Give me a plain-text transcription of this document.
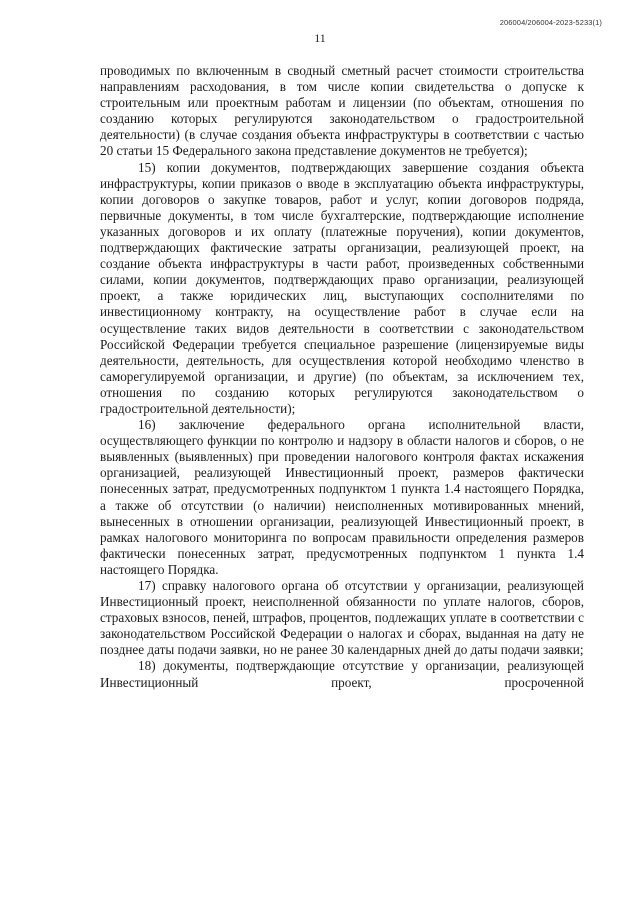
206004/206004-2023-5233(1)
11

проводимых по включенным в сводный сметный расчет стоимости строительства направлениям расходования, в том числе копии свидетельства о допуске к строительным или проектным работам и лицензии (по объектам, отношения по созданию которых регулируются законодательством о градостроительной деятельности) (в случае создания объекта инфраструктуры в соответствии с частью 20 статьи 15 Федерального закона представление документов не требуется);

15) копии документов, подтверждающих завершение создания объекта инфраструктуры, копии приказов о вводе в эксплуатацию объекта инфраструктуры, копии договоров о закупке товаров, работ и услуг, копии договоров подряда, первичные документы, в том числе бухгалтерские, подтверждающие исполнение указанных договоров и их оплату (платежные поручения), копии документов, подтверждающих фактические затраты организации, реализующей проект, на создание объекта инфраструктуры в части работ, произведенных собственными силами, копии документов, подтверждающих право организации, реализующей проект, а также юридических лиц, выступающих сосполнителями по инвестиционному контракту, на осуществление работ в случае если на осуществление таких видов деятельности в соответствии с законодательством Российской Федерации требуется специальное разрешение (лицензируемые виды деятельности, деятельность, для осуществления которой необходимо членство в саморегулируемой организации, и другие) (по объектам, за исключением тех, отношения по созданию которых регулируются законодательством о градостроительной деятельности);

16) заключение федерального органа исполнительной власти, осуществляющего функции по контролю и надзору в области налогов и сборов, о не выявленных (выявленных) при проведении налогового контроля фактах искажения организацией, реализующей Инвестиционный проект, размеров фактически понесенных затрат, предусмотренных подпунктом 1 пункта 1.4 настоящего Порядка, а также об отсутствии (о наличии) неисполненных мотивированных мнений, вынесенных в отношении организации, реализующей Инвестиционный проект, в рамках налогового мониторинга по вопросам правильности определения размеров фактически понесенных затрат, предусмотренных подпунктом 1 пункта 1.4 настоящего Порядка.

17) справку налогового органа об отсутствии у организации, реализующей Инвестиционный проект, неисполненной обязанности по уплате налогов, сборов, страховых взносов, пеней, штрафов, процентов, подлежащих уплате в соответствии с законодательством Российской Федерации о налогах и сборах, выданная на дату не позднее даты подачи заявки, но не ранее 30 календарных дней до даты подачи заявки;

18) документы, подтверждающие отсутствие у организации, реализующей Инвестиционный проект, просроченной
